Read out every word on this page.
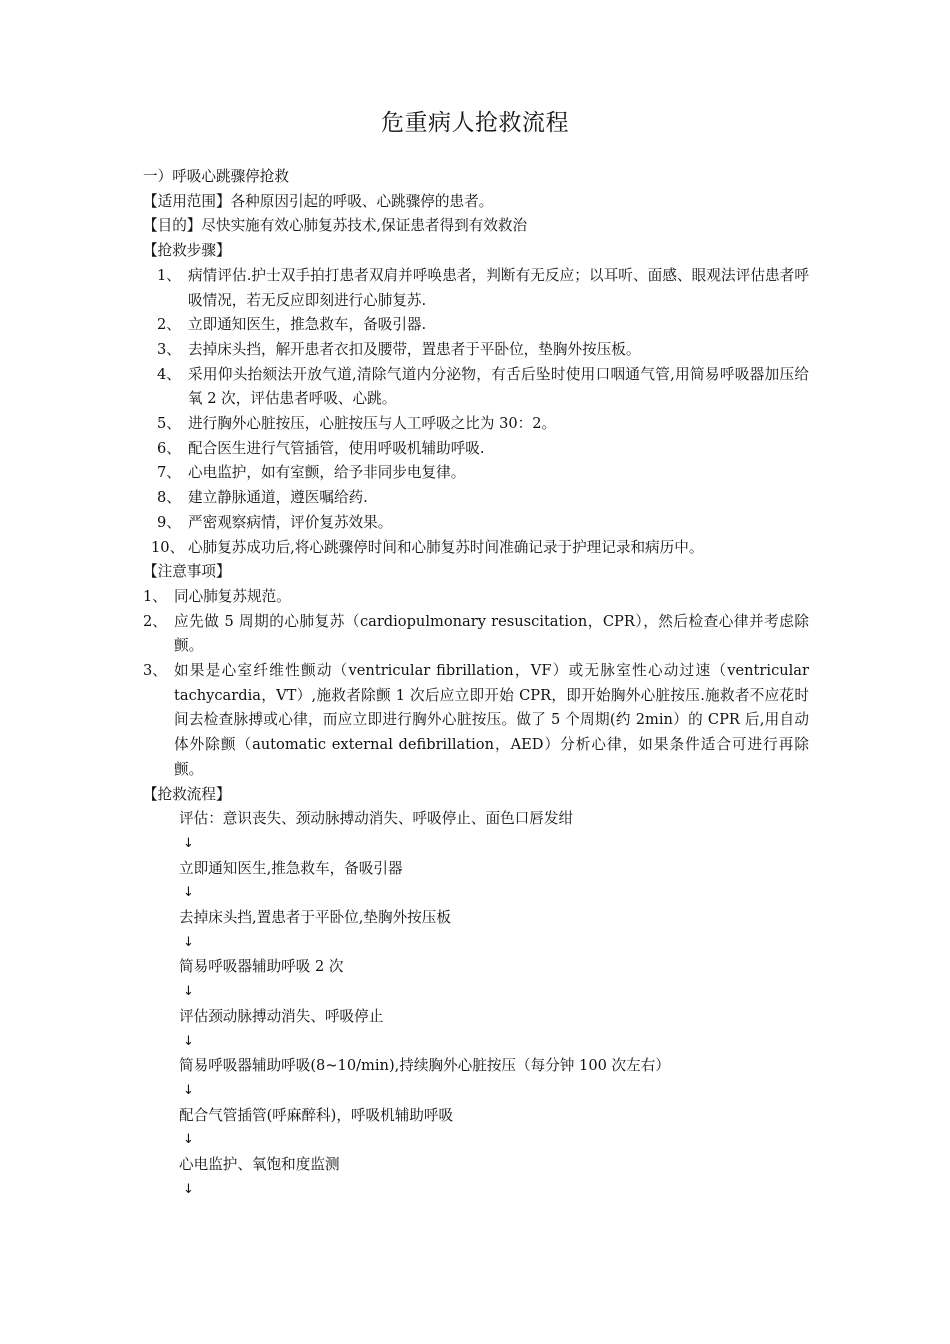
危重病人抢救流程
一）呼吸心跳骤停抢救
【适用范围】各种原因引起的呼吸、心跳骤停的患者。
【目的】尽快实施有效心肺复苏技术,保证患者得到有效救治
【抢救步骤】
1、 病情评估.护士双手拍打患者双肩并呼唤患者，判断有无反应；以耳听、面感、眼观法评估患者呼吸情况，若无反应即刻进行心肺复苏.
2、 立即通知医生，推急救车，备吸引器.
3、 去掉床头挡，解开患者衣扣及腰带，置患者于平卧位，垫胸外按压板。
4、 采用仰头抬颏法开放气道,清除气道内分泌物，有舌后坠时使用口咽通气管,用简易呼吸器加压给氧 2 次，评估患者呼吸、心跳。
5、 进行胸外心脏按压，心脏按压与人工呼吸之比为 30：2。
6、 配合医生进行气管插管，使用呼吸机辅助呼吸.
7、 心电监护，如有室颤，给予非同步电复律。
8、 建立静脉通道，遵医嘱给药.
9、 严密观察病情，评价复苏效果。
10、 心肺复苏成功后,将心跳骤停时间和心肺复苏时间准确记录于护理记录和病历中。
【注意事项】
1、 同心肺复苏规范。
2、 应先做 5 周期的心肺复苏（cardiopulmonary resuscitation，CPR），然后检查心律并考虑除颤。
3、 如果是心室纤维性颤动（ventricular fibrillation，VF）或无脉室性心动过速（ventricular tachycardia，VT）,施救者除颤 1 次后应立即开始 CPR，即开始胸外心脏按压.施救者不应花时间去检查脉搏或心律，而应立即进行胸外心脏按压。做了 5 个周期(约 2min）的 CPR 后,用自动体外除颤（automatic external defibrillation，AED）分析心律，如果条件适合可进行再除颤。
【抢救流程】
评估：意识丧失、颈动脉搏动消失、呼吸停止、面色口唇发绀
↓
立即通知医生,推急救车，备吸引器
↓
去掉床头挡,置患者于平卧位,垫胸外按压板
↓
简易呼吸器辅助呼吸 2 次
↓
评估颈动脉搏动消失、呼吸停止
↓
简易呼吸器辅助呼吸(8~10/min),持续胸外心脏按压（每分钟 100 次左右）
↓
配合气管插管(呼麻醉科)，呼吸机辅助呼吸
↓
心电监护、氧饱和度监测
↓
